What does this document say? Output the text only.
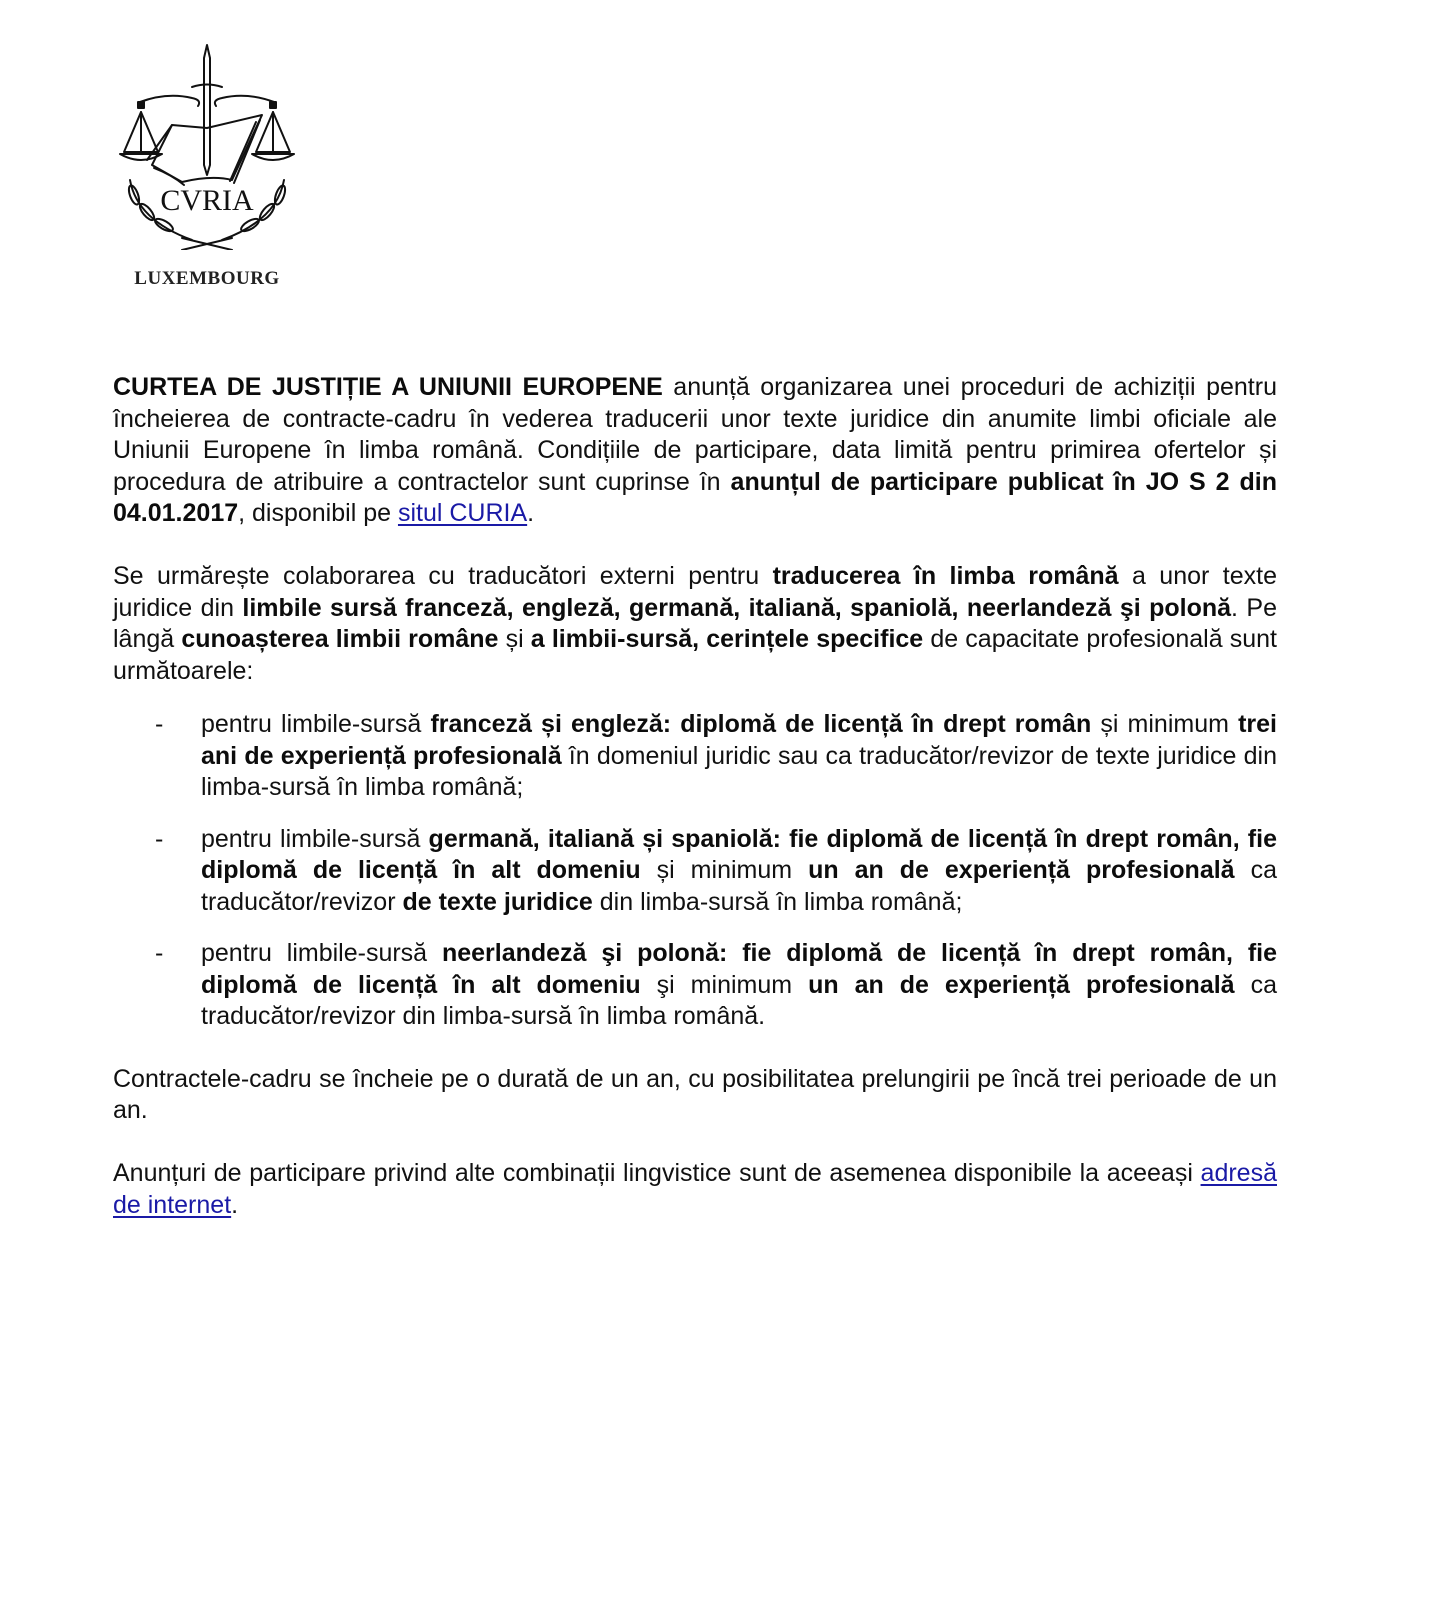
CVRIA
LUXEMBOURG

CURTEA DE JUSTIȚIE A UNIUNII EUROPENE anunță organizarea unei proceduri de achiziții pentru încheierea de contracte-cadru în vederea traducerii unor texte juridice din anumite limbi oficiale ale Uniunii Europene în limba română. Condițiile de participare, data limită pentru primirea ofertelor și procedura de atribuire a contractelor sunt cuprinse în anunțul de participare publicat în JO S 2 din 04.01.2017, disponibil pe situl CURIA.

Se urmărește colaborarea cu traducători externi pentru traducerea în limba română a unor texte juridice din limbile sursă franceză, engleză, germană, italiană, spaniolă, neerlandeză şi polonă. Pe lângă cunoașterea limbii române și a limbii-sursă, cerințele specifice de capacitate profesională sunt următoarele:

- pentru limbile-sursă franceză și engleză: diplomă de licență în drept român și minimum trei ani de experiență profesională în domeniul juridic sau ca traducător/revizor de texte juridice din limba-sursă în limba română;
- pentru limbile-sursă germană, italiană și spaniolă: fie diplomă de licență în drept român, fie diplomă de licență în alt domeniu și minimum un an de experiență profesională ca traducător/revizor de texte juridice din limba-sursă în limba română;
- pentru limbile-sursă neerlandeză şi polonă: fie diplomă de licență în drept român, fie diplomă de licență în alt domeniu şi minimum un an de experiență profesională ca traducător/revizor din limba-sursă în limba română.

Contractele-cadru se încheie pe o durată de un an, cu posibilitatea prelungirii pe încă trei perioade de un an.

Anunțuri de participare privind alte combinații lingvistice sunt de asemenea disponibile la aceeași adresă de internet.
